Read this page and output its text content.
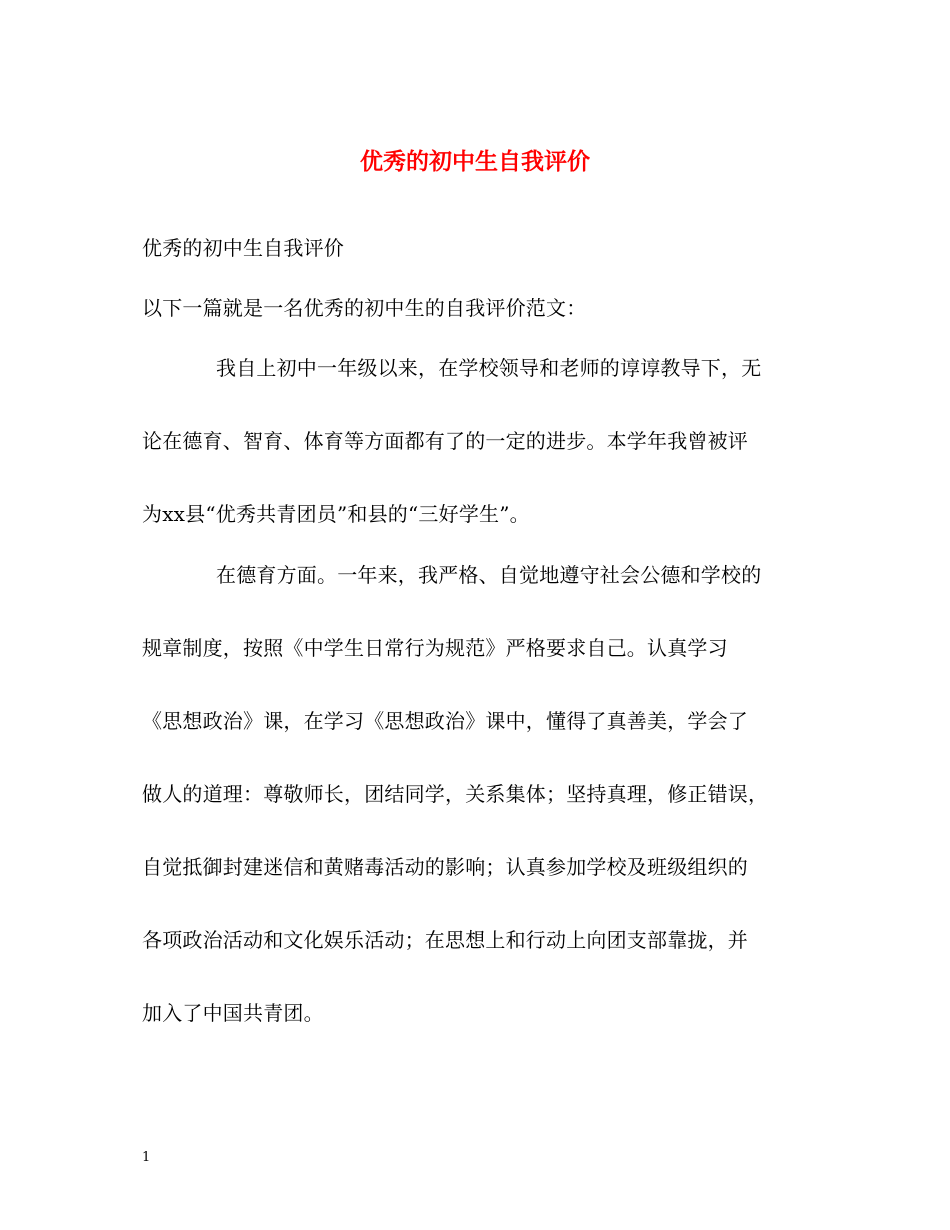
优秀的初中生自我评价
优秀的初中生自我评价
以下一篇就是一名优秀的初中生的自我评价范文：
我自上初中一年级以来，在学校领导和老师的谆谆教导下，无
论在德育、智育、体育等方面都有了的一定的进步。本学年我曾被评
为xx县“优秀共青团员”和县的“三好学生”。
在德育方面。一年来，我严格、自觉地遵守社会公德和学校的
规章制度，按照《中学生日常行为规范》严格要求自己。认真学习
《思想政治》课，在学习《思想政治》课中，懂得了真善美，学会了
做人的道理：尊敬师长，团结同学，关系集体；坚持真理，修正错误，
自觉抵御封建迷信和黄赌毒活动的影响；认真参加学校及班级组织的
各项政治活动和文化娱乐活动；在思想上和行动上向团支部靠拢，并
加入了中国共青团。
1
